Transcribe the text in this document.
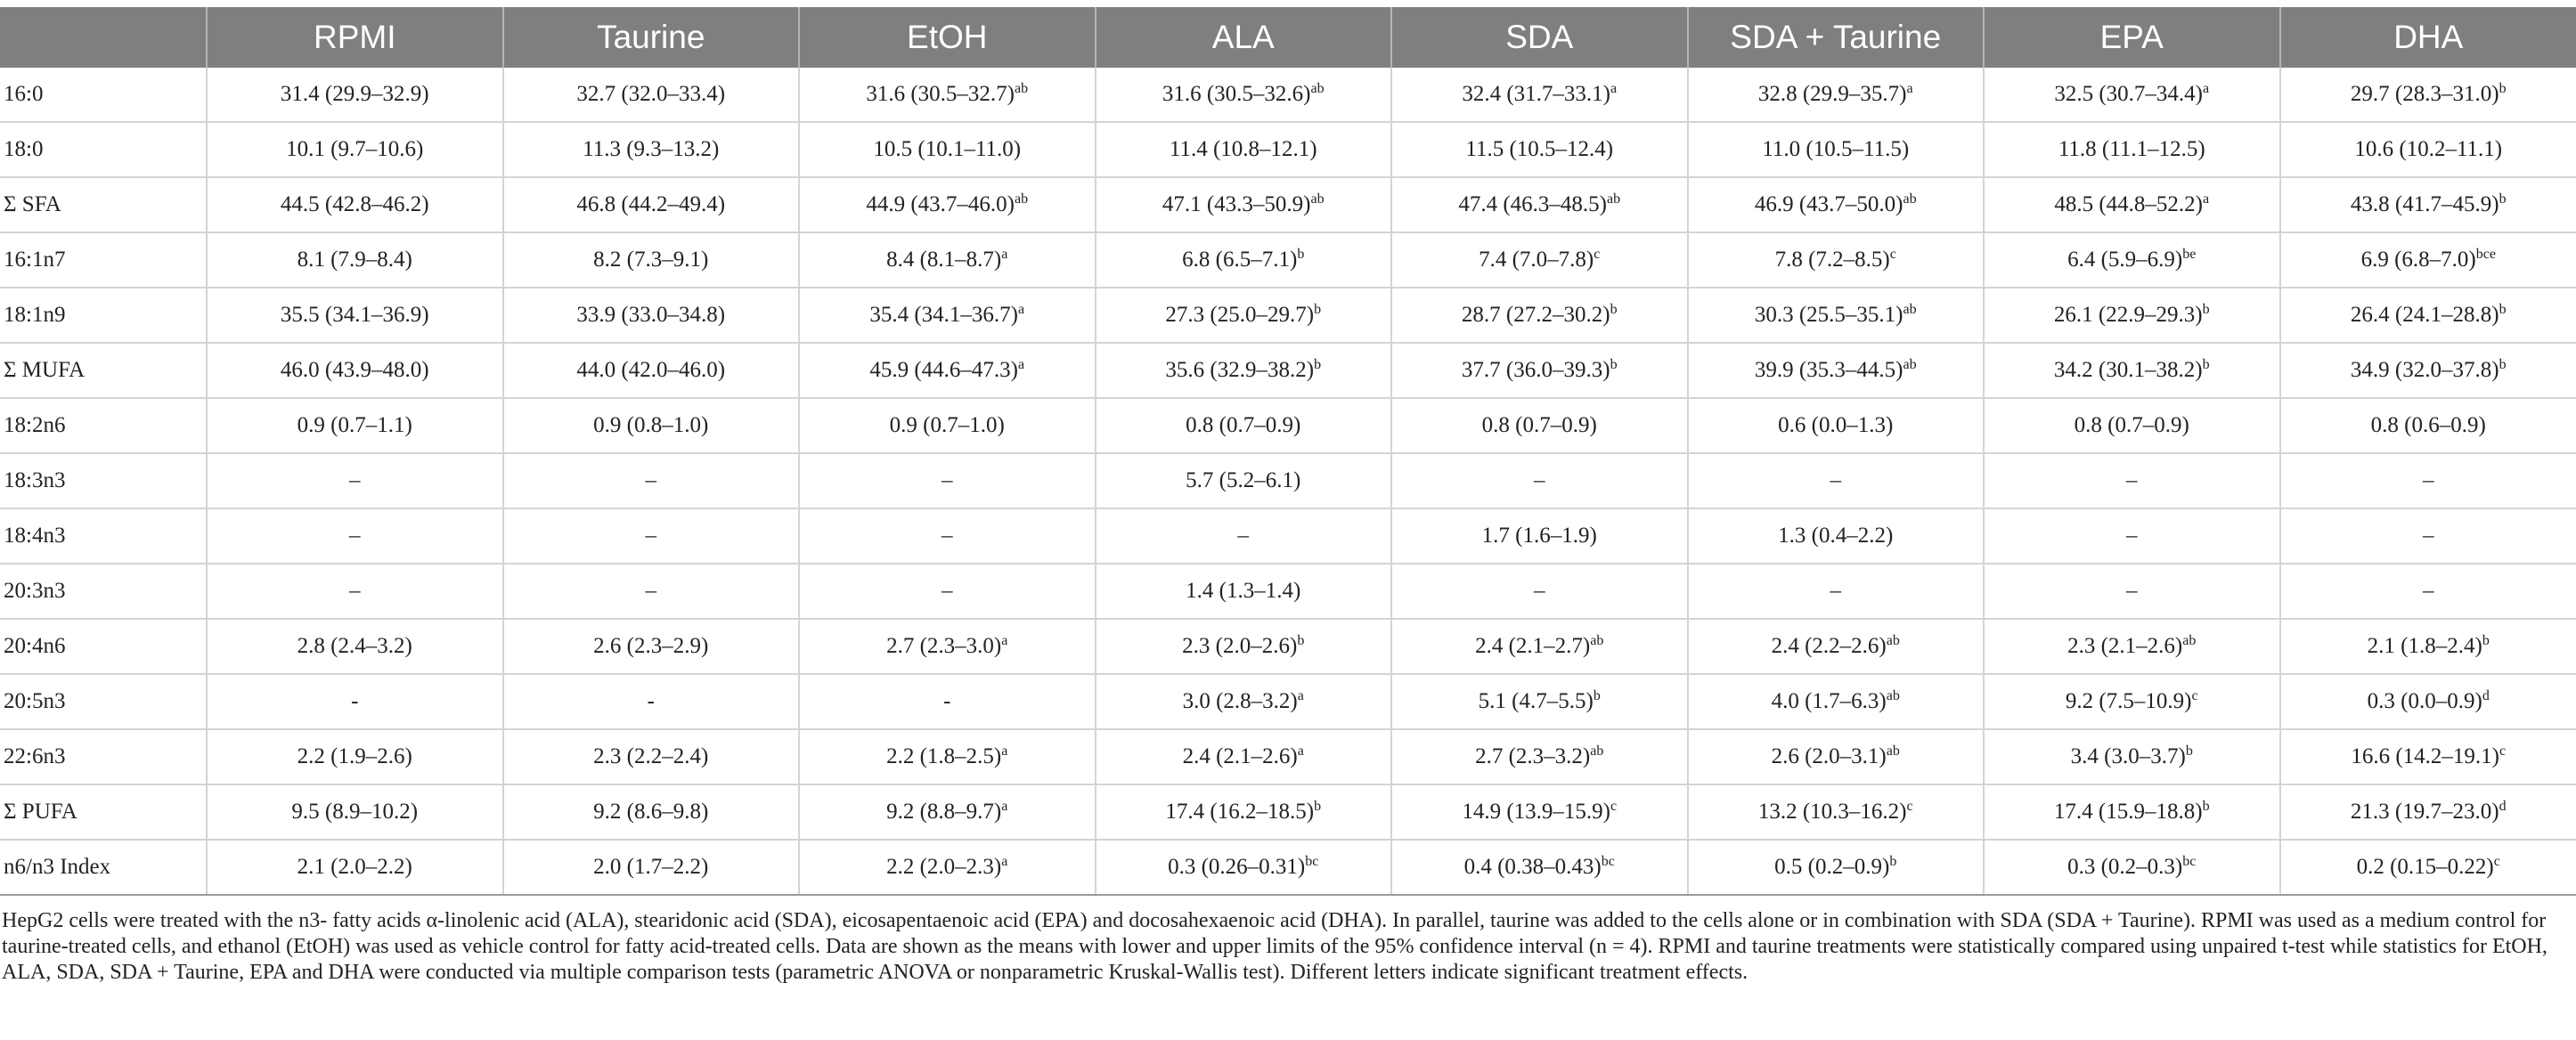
	RPMI	Taurine	EtOH	ALA	SDA	SDA + Taurine	EPA	DHA
16:0	31.4 (29.9–32.9)	32.7 (32.0–33.4)	31.6 $(30.5-32.7)^{ab}$	31.6 $(30.5-32.6)^{ab}$	32.4 $(31.7-33.1)^a$	32.8 $(29.9-35.7)^a$	32.5 $(30.7-34.4)^a$	29.7 $(28.3-31.0)^b$
18:0	10.1 (9.7–10.6)	11.3 (9.3–13.2)	10.5 (10.1–11.0)	11.4 (10.8–12.1)	11.5 (10.5–12.4)	11.0 (10.5–11.5)	11.8 (11.1–12.5)	10.6 (10.2–11.1)
Σ SFA	44.5 (42.8–46.2)	46.8 (44.2–49.4)	44.9 $(43.7-46.0)^{ab}$	47.1 $(43.3-50.9)^{ab}$	47.4 $(46.3-48.5)^{ab}$	46.9 $(43.7-50.0)^{ab}$	48.5 $(44.8-52.2)^a$	43.8 $(41.7-45.9)^b$
16:1n7	8.1 (7.9–8.4)	8.2 (7.3–9.1)	8.4 $(8.1-8.7)^a$	6.8 $(6.5-7.1)^b$	7.4 $(7.0-7.8)^c$	7.8 $(7.2-8.5)^c$	6.4 $(5.9-6.9)^{be}$	6.9 $(6.8-7.0)^{bce}$
18:1n9	35.5 (34.1–36.9)	33.9 (33.0–34.8)	35.4 $(34.1-36.7)^a$	27.3 $(25.0-29.7)^b$	28.7 $(27.2-30.2)^b$	30.3 $(25.5-35.1)^{ab}$	26.1 $(22.9-29.3)^b$	26.4 $(24.1-28.8)^b$
Σ MUFA	46.0 (43.9–48.0)	44.0 (42.0–46.0)	45.9 $(44.6-47.3)^a$	35.6 $(32.9-38.2)^b$	37.7 $(36.0-39.3)^b$	39.9 $(35.3-44.5)^{ab}$	34.2 $(30.1-38.2)^b$	34.9 $(32.0-37.8)^b$
18:2n6	0.9 (0.7–1.1)	0.9 (0.8–1.0)	0.9 (0.7–1.0)	0.8 (0.7–0.9)	0.8 (0.7–0.9)	0.6 (0.0–1.3)	0.8 (0.7–0.9)	0.8 (0.6–0.9)
18:3n3	–	–	–	5.7 (5.2–6.1)	–	–	–	–
18:4n3	–	–	–	–	1.7 (1.6–1.9)	1.3 (0.4–2.2)	–	–
20:3n3	–	–	–	1.4 (1.3–1.4)	–	–	–	–
20:4n6	2.8 (2.4–3.2)	2.6 (2.3–2.9)	2.7 $(2.3-3.0)^a$	2.3 $(2.0-2.6)^b$	2.4 $(2.1-2.7)^{ab}$	2.4 $(2.2-2.6)^{ab}$	2.3 $(2.1-2.6)^{ab}$	2.1 $(1.8-2.4)^b$
20:5n3	-	-	-	3.0 $(2.8-3.2)^a$	5.1 $(4.7-5.5)^b$	4.0 $(1.7-6.3)^{ab}$	9.2 $(7.5-10.9)^c$	0.3 $(0.0-0.9)^d$
22:6n3	2.2 (1.9–2.6)	2.3 (2.2–2.4)	2.2 $(1.8-2.5)^a$	2.4 $(2.1-2.6)^a$	2.7 $(2.3-3.2)^{ab}$	2.6 $(2.0-3.1)^{ab}$	3.4 $(3.0-3.7)^b$	16.6 $(14.2-19.1)^c$
Σ PUFA	9.5 (8.9–10.2)	9.2 (8.6–9.8)	9.2 $(8.8-9.7)^a$	17.4 $(16.2-18.5)^b$	14.9 $(13.9-15.9)^c$	13.2 $(10.3-16.2)^c$	17.4 $(15.9-18.8)^b$	21.3 $(19.7-23.0)^d$
n6/n3 Index	2.1 (2.0–2.2)	2.0 (1.7–2.2)	2.2 $(2.0-2.3)^a$	0.3 $(0.26-0.31)^{bc}$	0.4 $(0.38-0.43)^{bc}$	0.5 $(0.2-0.9)^b$	0.3 $(0.2-0.3)^{bc}$	0.2 $(0.15-0.22)^c$

HepG2 cells were treated with the n3- fatty acids α-linolenic acid (ALA), stearidonic acid (SDA), eicosapentaenoic acid (EPA) and docosahexaenoic acid (DHA). In parallel, taurine was added to the cells alone or in combination with SDA (SDA + Taurine). RPMI was used as a medium control for taurine-treated cells, and ethanol (EtOH) was used as vehicle control for fatty acid-treated cells. Data are shown as the means with lower and upper limits of the 95% confidence interval (n = 4). RPMI and taurine treatments were statistically compared using unpaired t-test while statistics for EtOH, ALA, SDA, SDA + Taurine, EPA and DHA were conducted via multiple comparison tests (parametric ANOVA or nonparametric Kruskal-Wallis test). Different letters indicate significant treatment effects.
